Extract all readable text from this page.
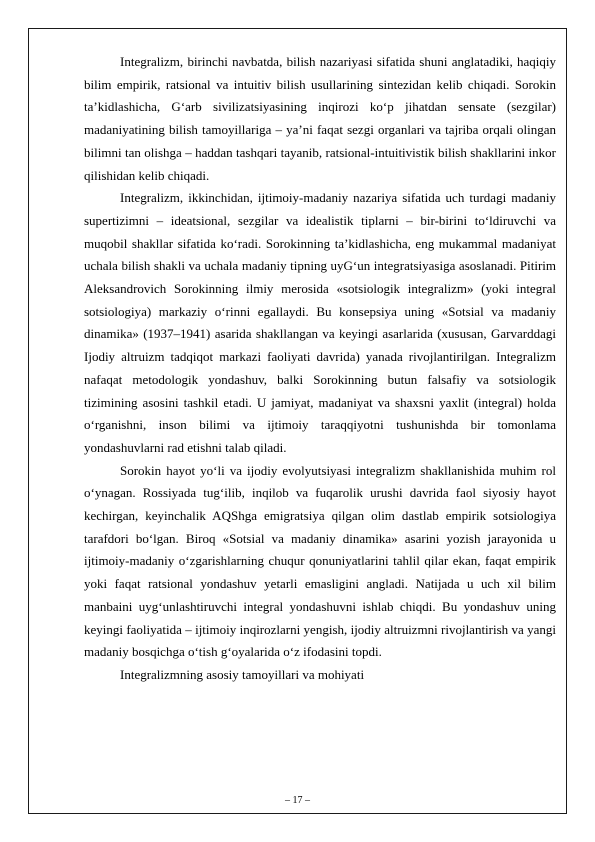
Integralizm, birinchi navbatda, bilish nazariyasi sifatida shuni anglatadiki, haqiqiy bilim empirik, ratsional va intuitiv bilish usullarining sintezidan kelib chiqadi. Sorokin ta’kidlashicha, G‘arb sivilizatsiyasining inqirozi ko‘p jihatdan sensate (sezgilar) madaniyatining bilish tamoyillariga – ya’ni faqat sezgi organlari va tajriba orqali olingan bilimni tan olishga – haddan tashqari tayanib, ratsional-intuitivistik bilish shakllarini inkor qilishidan kelib chiqadi.

Integralizm, ikkinchidan, ijtimoiy-madaniy nazariya sifatida uch turdagi madaniy supertizimni – ideatsional, sezgilar va idealistik tiplarni – bir-birini to‘ldiruvchi va muqobil shakllar sifatida ko‘radi. Sorokinning ta’kidlashicha, eng mukammal madaniyat uchala bilish shakli va uchala madaniy tipning uyG‘un integratsiyasiga asoslanadi. Pitirim Aleksandrovich Sorokinning ilmiy merosida «sotsiologik integralizm» (yoki integral sotsiologiya) markaziy o‘rinni egallaydi. Bu konsepsiya uning «Sotsial va madaniy dinamika» (1937–1941) asarida shakllangan va keyingi asarlarida (xususan, Garvarddagi Ijodiy altruizm tadqiqot markazi faoliyati davrida) yanada rivojlantirilgan. Integralizm nafaqat metodologik yondashuv, balki Sorokinning butun falsafiy va sotsiologik tizimining asosini tashkil etadi. U jamiyat, madaniyat va shaxsni yaxlit (integral) holda o‘rganishni, inson bilimi va ijtimoiy taraqqiyotni tushunishda bir tomonlama yondashuvlarni rad etishni talab qiladi.

Sorokin hayot yo‘li va ijodiy evolyutsiyasi integralizm shakllanishida muhim rol o‘ynagan. Rossiyada tug‘ilib, inqilob va fuqarolik urushi davrida faol siyosiy hayot kechirgan, keyinchalik AQShga emigratsiya qilgan olim dastlab empirik sotsiologiya tarafdori bo‘lgan. Biroq «Sotsial va madaniy dinamika» asarini yozish jarayonida u ijtimoiy-madaniy o‘zgarishlarning chuqur qonuniyatlarini tahlil qilar ekan, faqat empirik yoki faqat ratsional yondashuv yetarli emasligini angladi. Natijada u uch xil bilim manbaini uyg‘unlashtiruvchi integral yondashuvni ishlab chiqdi. Bu yondashuv uning keyingi faoliyatida – ijtimoiy inqirozlarni yengish, ijodiy altruizmni rivojlantirish va yangi madaniy bosqichga o‘tish g‘oyalarida o‘z ifodasini topdi.

Integralizmning asosiy tamoyillari va mohiyati

– 17 –
